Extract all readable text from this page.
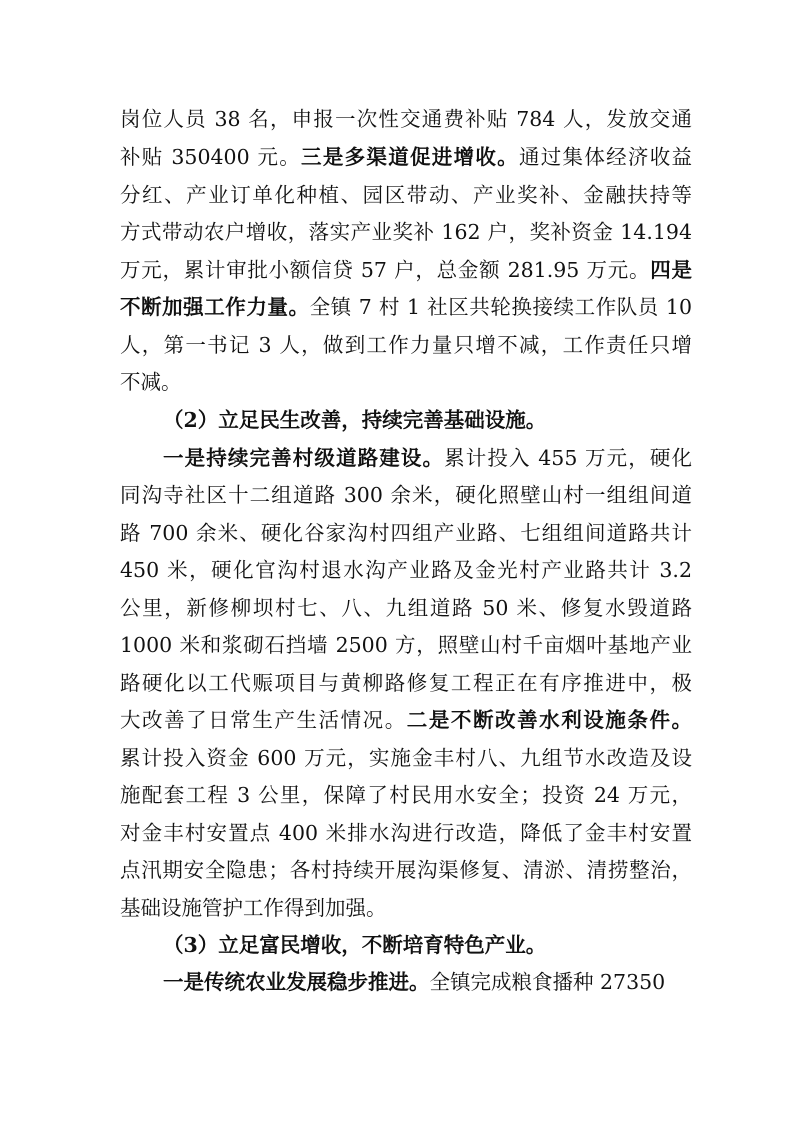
岗位人员 38 名，申报一次性交通费补贴 784 人，发放交通
补贴 350400 元。三是多渠道促进增收。通过集体经济收益
分红、产业订单化种植、园区带动、产业奖补、金融扶持等
方式带动农户增收，落实产业奖补 162 户，奖补资金 14.194
万元，累计审批小额信贷 57 户，总金额 281.95 万元。四是
不断加强工作力量。全镇 7 村 1 社区共轮换接续工作队员 10
人，第一书记 3 人，做到工作力量只增不减，工作责任只增
不减。
（2）立足民生改善，持续完善基础设施。
一是持续完善村级道路建设。累计投入 455 万元，硬化
同沟寺社区十二组道路 300 余米，硬化照壁山村一组组间道
路 700 余米、硬化谷家沟村四组产业路、七组组间道路共计
450 米，硬化官沟村退水沟产业路及金光村产业路共计 3.2
公里，新修柳坝村七、八、九组道路 50 米、修复水毁道路
1000 米和浆砌石挡墙 2500 方，照壁山村千亩烟叶基地产业
路硬化以工代赈项目与黄柳路修复工程正在有序推进中，极
大改善了日常生产生活情况。二是不断改善水利设施条件。
累计投入资金 600 万元，实施金丰村八、九组节水改造及设
施配套工程 3 公里，保障了村民用水安全；投资 24 万元，
对金丰村安置点 400 米排水沟进行改造，降低了金丰村安置
点汛期安全隐患；各村持续开展沟渠修复、清淤、清捞整治，
基础设施管护工作得到加强。
（3）立足富民增收，不断培育特色产业。
一是传统农业发展稳步推进。全镇完成粮食播种 27350
